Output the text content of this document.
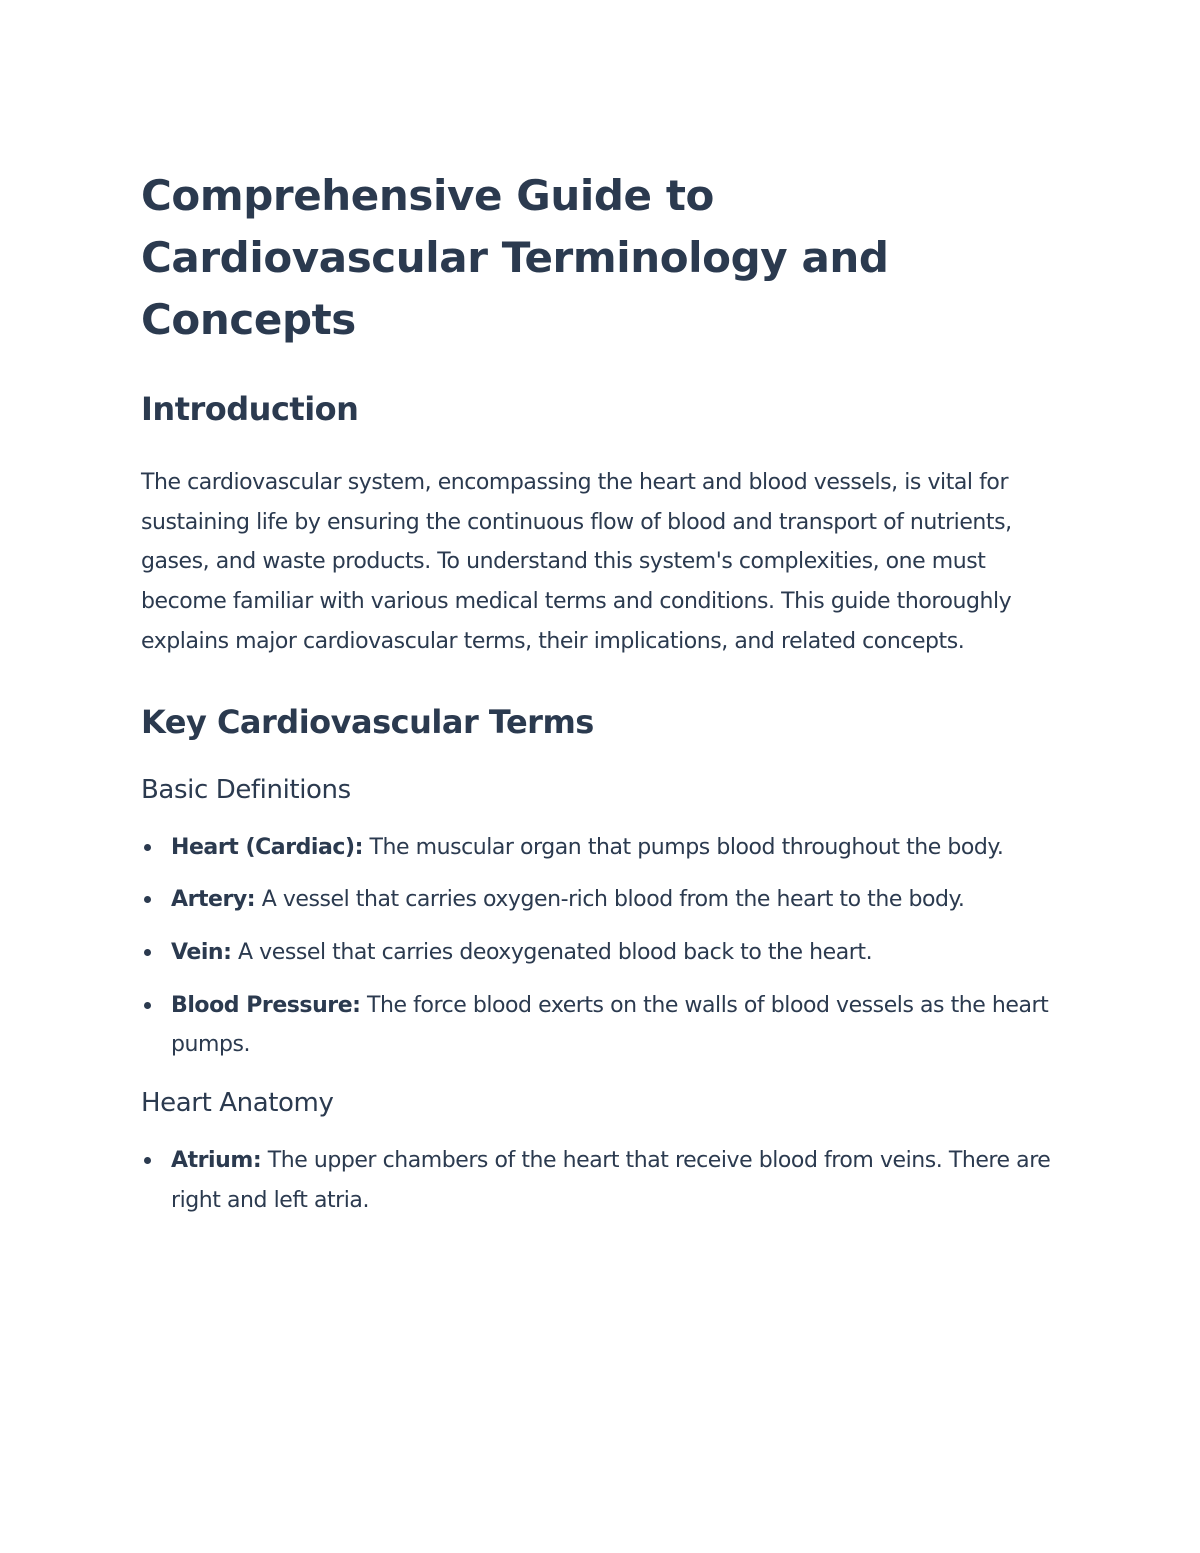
Comprehensive Guide to Cardiovascular Terminology and Concepts
Introduction

The cardiovascular system, encompassing the heart and blood vessels, is vital for sustaining life by ensuring the continuous flow of blood and transport of nutrients, gases, and waste products. To understand this system's complexities, one must become familiar with various medical terms and conditions. This guide thoroughly explains major cardiovascular terms, their implications, and related concepts.

Key Cardiovascular Terms
Basic Definitions
Heart (Cardiac): The muscular organ that pumps blood throughout the body.
Artery: A vessel that carries oxygen-rich blood from the heart to the body.
Vein: A vessel that carries deoxygenated blood back to the heart.
Blood Pressure: The force blood exerts on the walls of blood vessels as the heart pumps.
Heart Anatomy
Atrium: The upper chambers of the heart that receive blood from veins. There are right and left atria.
